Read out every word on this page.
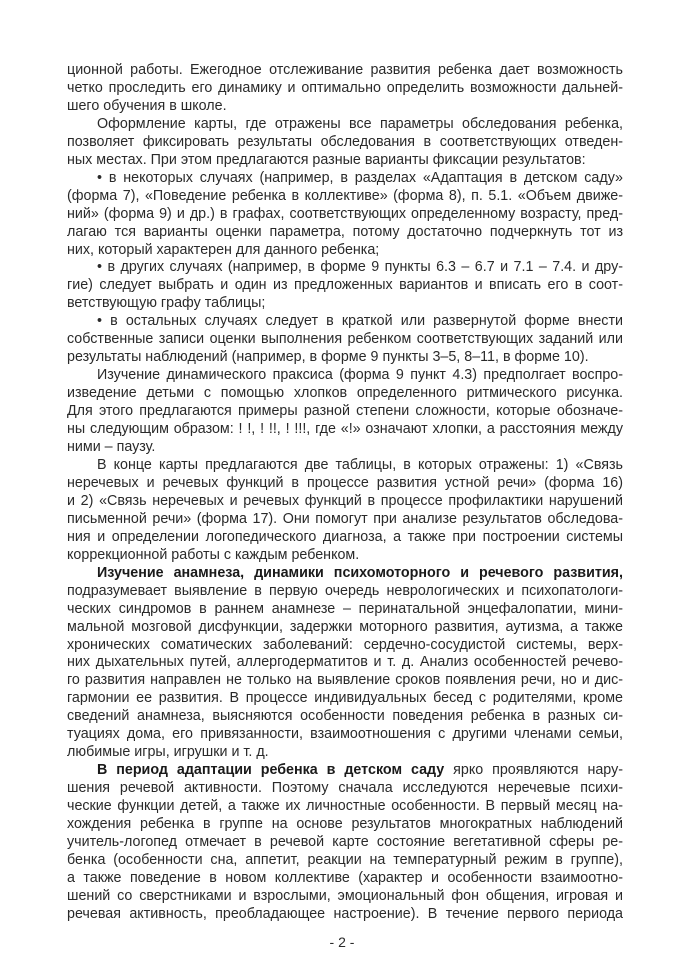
ционной работы. Ежегодное отслеживание развития ребенка дает возможность
четко проследить его динамику и оптимально определить возможности дальней-
шего обучения в школе.
Оформление карты, где отражены все параметры обследования ребенка,
позволяет фиксировать результаты обследования в соответствующих отведен-
ных местах. При этом предлагаются разные варианты фиксации результатов:
• в некоторых случаях (например, в разделах «Адаптация в детском саду»
(форма 7), «Поведение ребенка в коллективе» (форма 8), п. 5.1. «Объем движе-
ний» (форма 9) и др.) в графах, соответствующих определенному возрасту, пред-
лагаю тся варианты оценки параметра, потому достаточно подчеркнуть тот из
них, который характерен для данного ребенка;
• в других случаях (например, в форме 9 пункты 6.3 – 6.7 и 7.1 – 7.4. и дру-
гие) следует выбрать и один из предложенных вариантов и вписать его в соот-
ветствующую графу таблицы;
• в остальных случаях следует в краткой или развернутой форме внести
собственные записи оценки выполнения ребенком соответствующих заданий или
результаты наблюдений (например, в форме 9 пункты 3–5, 8–11, в форме 10).
Изучение динамического праксиса (форма 9 пункт 4.3) предполгает воспро-
изведение детьми с помощью хлопков определенного ритмического рисунка.
Для этого предлагаются примеры разной степени сложности, которые обозначе-
ны следующим образом: ! !, ! !!, ! !!!, где «!» означают хлопки, а расстояния между
ними – паузу.
В конце карты предлагаются две таблицы, в которых отражены: 1) «Связь
неречевых и речевых функций в процессе развития устной речи» (форма 16)
и 2) «Связь неречевых и речевых функций в процессе профилактики нарушений
письменной речи» (форма 17). Они помогут при анализе результатов обследова-
ния и определении логопедического диагноза, а также при построении системы
коррекционной работы с каждым ребенком.
Изучение анамнеза, динамики психомоторного и речевого развития,
подразумевает выявление в первую очередь неврологических и психопатологи-
ческих синдромов в раннем анамнезе – перинатальной энцефалопатии, мини-
мальной мозговой дисфункции, задержки моторного развития, аутизма, а также
хронических соматических заболеваний: сердечно-сосудистой системы, верх-
них дыхательных путей, аллергодерматитов и т. д. Анализ особенностей речево-
го развития направлен не только на выявление сроков появления речи, но и дис-
гармонии ее развития. В процессе индивидуальных бесед с родителями, кроме
сведений анамнеза, выясняются особенности поведения ребенка в разных си-
туациях дома, его привязанности, взаимоотношения с другими членами семьи,
любимые игры, игрушки и т. д.
В период адаптации ребенка в детском саду ярко проявляются нару-
шения речевой активности. Поэтому сначала исследуются неречевые психи-
ческие функции детей, а также их личностные особенности. В первый месяц на-
хождения ребенка в группе на основе результатов многократных наблюдений
учитель-логопед отмечает в речевой карте состояние вегетативной сферы ре-
бенка (особенности сна, аппетит, реакции на температурный режим в группе),
а также поведение в новом коллективе (характер и особенности взаимоотно-
шений со сверстниками и взрослыми, эмоциональный фон общения, игровая и
речевая активность, преобладающее настроение). В течение первого периода
- 2 -
